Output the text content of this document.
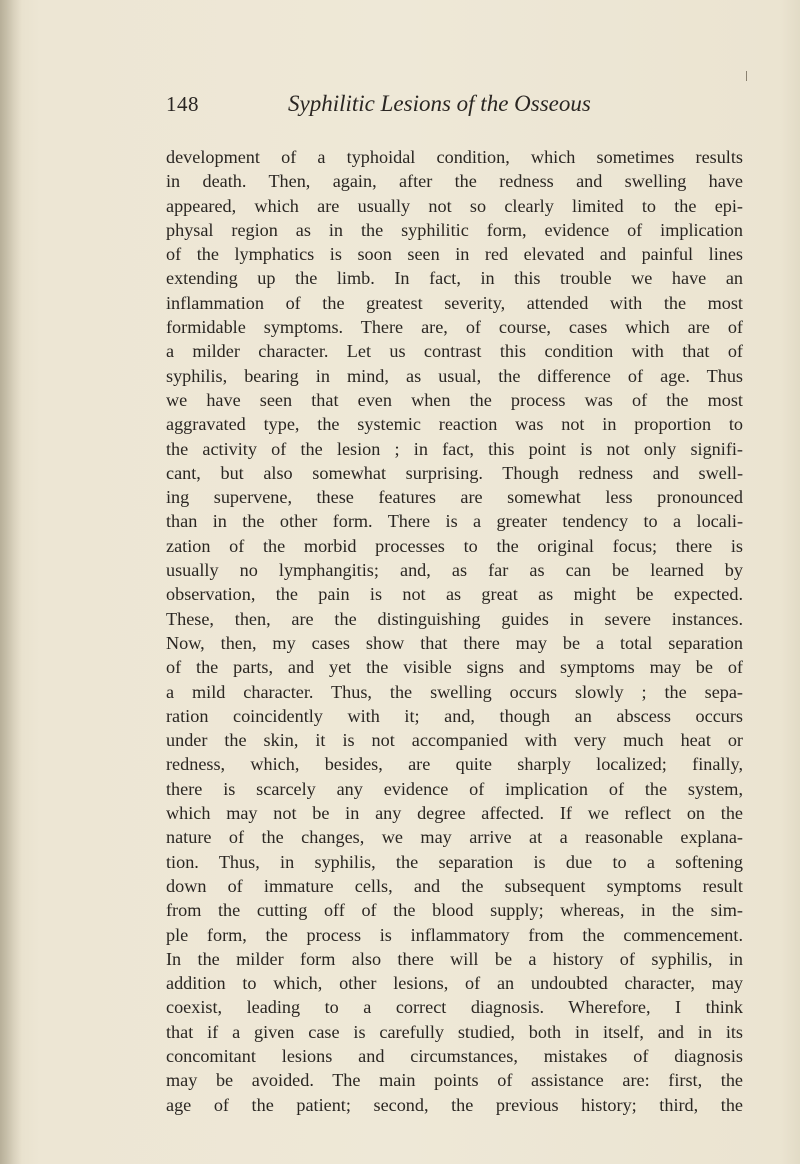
148	Syphilitic Lesions of the Osseous
development of a typhoidal condition, which sometimes results
in death. Then, again, after the redness and swelling have
appeared, which are usually not so clearly limited to the epi-
physal region as in the syphilitic form, evidence of implication
of the lymphatics is soon seen in red elevated and painful lines
extending up the limb. In fact, in this trouble we have an
inflammation of the greatest severity, attended with the most
formidable symptoms. There are, of course, cases which are of
a milder character. Let us contrast this condition with that of
syphilis, bearing in mind, as usual, the difference of age. Thus
we have seen that even when the process was of the most
aggravated type, the systemic reaction was not in proportion to
the activity of the lesion ; in fact, this point is not only signifi-
cant, but also somewhat surprising. Though redness and swell-
ing supervene, these features are somewhat less pronounced
than in the other form. There is a greater tendency to a locali-
zation of the morbid processes to the original focus; there is
usually no lymphangitis; and, as far as can be learned by
observation, the pain is not as great as might be expected.
These, then, are the distinguishing guides in severe instances.
Now, then, my cases show that there may be a total separation
of the parts, and yet the visible signs and symptoms may be of
a mild character. Thus, the swelling occurs slowly ; the sepa-
ration coincidently with it; and, though an abscess occurs
under the skin, it is not accompanied with very much heat or
redness, which, besides, are quite sharply localized; finally,
there is scarcely any evidence of implication of the system,
which may not be in any degree affected. If we reflect on the
nature of the changes, we may arrive at a reasonable explana-
tion. Thus, in syphilis, the separation is due to a softening
down of immature cells, and the subsequent symptoms result
from the cutting off of the blood supply; whereas, in the sim-
ple form, the process is inflammatory from the commencement.
In the milder form also there will be a history of syphilis, in
addition to which, other lesions, of an undoubted character, may
coexist, leading to a correct diagnosis. Wherefore, I think
that if a given case is carefully studied, both in itself, and in its
concomitant lesions and circumstances, mistakes of diagnosis
may be avoided. The main points of assistance are: first, the
age of the patient; second, the previous history; third, the
